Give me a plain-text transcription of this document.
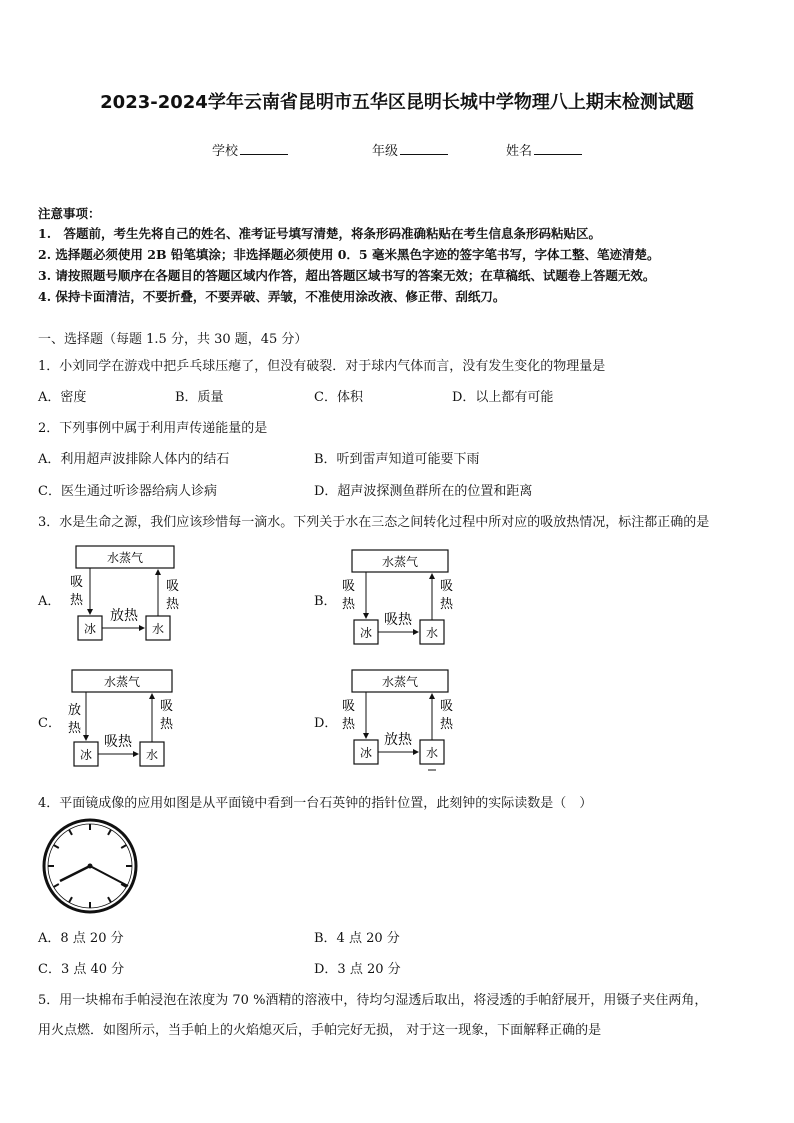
2023-2024学年云南省昆明市五华区昆明长城中学物理八上期末检测试题
学校	年级	姓名
注意事项：
1.　答题前，考生先将自己的姓名、准考证号填写清楚，将条形码准确粘贴在考生信息条形码粘贴区。
2. 选择题必须使用 2B 铅笔填涂；非选择题必须使用 0．5 毫米黑色字迹的签字笔书写，字体工整、笔迹清楚。
3. 请按照题号顺序在各题目的答题区域内作答，超出答题区域书写的答案无效；在草稿纸、试题卷上答题无效。
4. 保持卡面清洁，不要折叠，不要弄破、弄皱，不准使用涂改液、修正带、刮纸刀。
一、选择题（每题 1.5 分，共 30 题，45 分）
1．小刘同学在游戏中把乒乓球压瘪了，但没有破裂．对于球内气体而言，没有发生变化的物理量是
A．密度	B．质量	C．体积	D．以上都有可能
2．下列事例中属于利用声传递能量的是
A．利用超声波排除人体内的结石	B．听到雷声知道可能要下雨
C．医生通过听诊器给病人诊病	D．超声波探测鱼群所在的位置和距离
3．水是生命之源，我们应该珍惜每一滴水。下列关于水在三态之间转化过程中所对应的吸放热情况，标注都正确的是
A．
水蒸气
冰	水
吸
热
吸
热
放热
B．
水蒸气
冰	水
吸
热
吸
热
吸热
C．
水蒸气
冰	水
放
热
吸
热
吸热
D．
水蒸气
冰	水
吸
热
吸
热
放热
4．平面镜成像的应用如图是从平面镜中看到一台石英钟的指针位置，此刻钟的实际读数是（　）
A．8 点 20 分	B．4 点 20 分
C．3 点 40 分	D．3 点 20 分
5．用一块棉布手帕浸泡在浓度为 70 %酒精的溶液中，待均匀湿透后取出，将浸透的手帕舒展开，用镊子夹住两角，
用火点燃．如图所示，当手帕上的火焰熄灭后，手帕完好无损， 对于这一现象，下面解释正确的是
